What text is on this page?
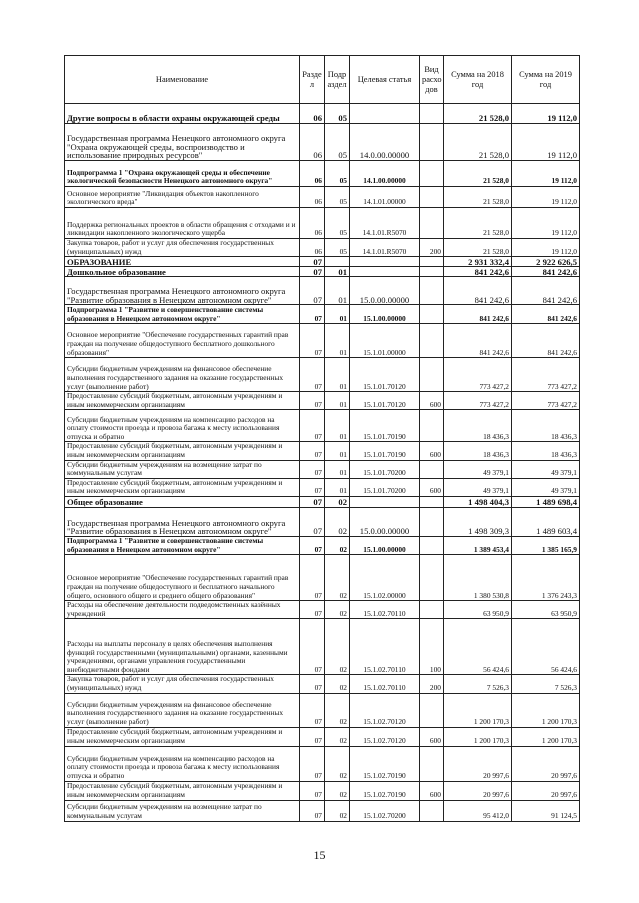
Наименование	Разде л	Подр аздел	Целевая статья	Вид расхо дов	Сумма на 2018 год	Сумма на 2019 год
Другие вопросы в области охраны окружающей среды	06	05			21 528,0	19 112,0
Государственная программа Ненецкого автономного округа "Охрана окружающей среды, воспроизводство и использование природных ресурсов"	06	05	14.0.00.00000		21 528,0	19 112,0
Подпрограмма 1 "Охрана окружающей среды и обеспечение экологической безопасности Ненецкого автономного округа"	06	05	14.1.00.00000		21 528,0	19 112,0
Основное мероприятие "Ликвидация объектов накопленного экологического вреда"	06	05	14.1.01.00000		21 528,0	19 112,0
Поддержка региональных проектов в области обращения с отходами и и ликвидации накопленного экологического ущерба	06	05	14.1.01.R5070		21 528,0	19 112,0
Закупка товаров, работ и услуг для обеспечения государственных (муниципальных) нужд	06	05	14.1.01.R5070	200	21 528,0	19 112,0
ОБРАЗОВАНИЕ	07				2 931 332,4	2 922 626,5
Дошкольное образование	07	01			841 242,6	841 242,6
Государственная программа Ненецкого автономного округа "Развитие образования в Ненецком автономном округе"	07	01	15.0.00.00000		841 242,6	841 242,6
Подпрограмма 1 "Развитие и совершенствование системы образования в Ненецком автономном округе"	07	01	15.1.00.00000		841 242,6	841 242,6
Основное мероприятие "Обеспечение государственных гарантий прав граждан на получение общедоступного бесплатного дошкольного образования"	07	01	15.1.01.00000		841 242,6	841 242,6
Субсидии бюджетным учреждениям на финансовое обеспечение выполнения государственного задания на оказание государственных услуг (выполнение работ)	07	01	15.1.01.70120		773 427,2	773 427,2
Предоставление субсидий бюджетным, автономным учреждениям и иным некоммерческим организациям	07	01	15.1.01.70120	600	773 427,2	773 427,2
Субсидии бюджетным учреждениям на компенсацию расходов на оплату стоимости проезда и провоза багажа к месту использования отпуска и обратно	07	01	15.1.01.70190		18 436,3	18 436,3
Предоставление субсидий бюджетным, автономным учреждениям и иным некоммерческим организациям	07	01	15.1.01.70190	600	18 436,3	18 436,3
Субсидии бюджетным учреждениям на возмещение затрат по коммунальным услугам	07	01	15.1.01.70200		49 379,1	49 379,1
Предоставление субсидий бюджетным, автономным учреждениям и иным некоммерческим организациям	07	01	15.1.01.70200	600	49 379,1	49 379,1
Общее образование	07	02			1 498 404,3	1 489 698,4
Государственная программа Ненецкого автономного округа "Развитие образования в Ненецком автономном округе"	07	02	15.0.00.00000		1 498 309,3	1 489 603,4
Подпрограмма 1 "Развитие и совершенствование системы образования в Ненецком автономном округе"	07	02	15.1.00.00000		1 389 453,4	1 385 165,9
Основное мероприятие "Обеспечение государственных гарантий прав граждан на получение общедоступного и бесплатного начального общего, основного общего и среднего общего образования"	07	02	15.1.02.00000		1 380 530,8	1 376 243,3
Расходы на обеспечение деятельности подведомственных казённых учреждений	07	02	15.1.02.70110		63 950,9	63 950,9
Расходы на выплаты персоналу в целях обеспечения выполнения функций государственными (муниципальными) органами, казенными учреждениями, органами управления государственными внебюджетными фондами	07	02	15.1.02.70110	100	56 424,6	56 424,6
Закупка товаров, работ и услуг для обеспечения государственных (муниципальных) нужд	07	02	15.1.02.70110	200	7 526,3	7 526,3
Субсидии бюджетным учреждениям на финансовое обеспечение выполнения государственного задания на оказание государственных услуг (выполнение работ)	07	02	15.1.02.70120		1 200 170,3	1 200 170,3
Предоставление субсидий бюджетным, автономным учреждениям и иным некоммерческим организациям	07	02	15.1.02.70120	600	1 200 170,3	1 200 170,3
Субсидии бюджетным учреждениям на компенсацию расходов на оплату стоимости проезда и провоза багажа к месту использования отпуска и обратно	07	02	15.1.02.70190		20 997,6	20 997,6
Предоставление субсидий бюджетным, автономным учреждениям и иным некоммерческим организациям	07	02	15.1.02.70190	600	20 997,6	20 997,6
Субсидии бюджетным учреждениям на возмещение затрат по коммунальным услугам	07	02	15.1.02.70200		95 412,0	91 124,5
15
